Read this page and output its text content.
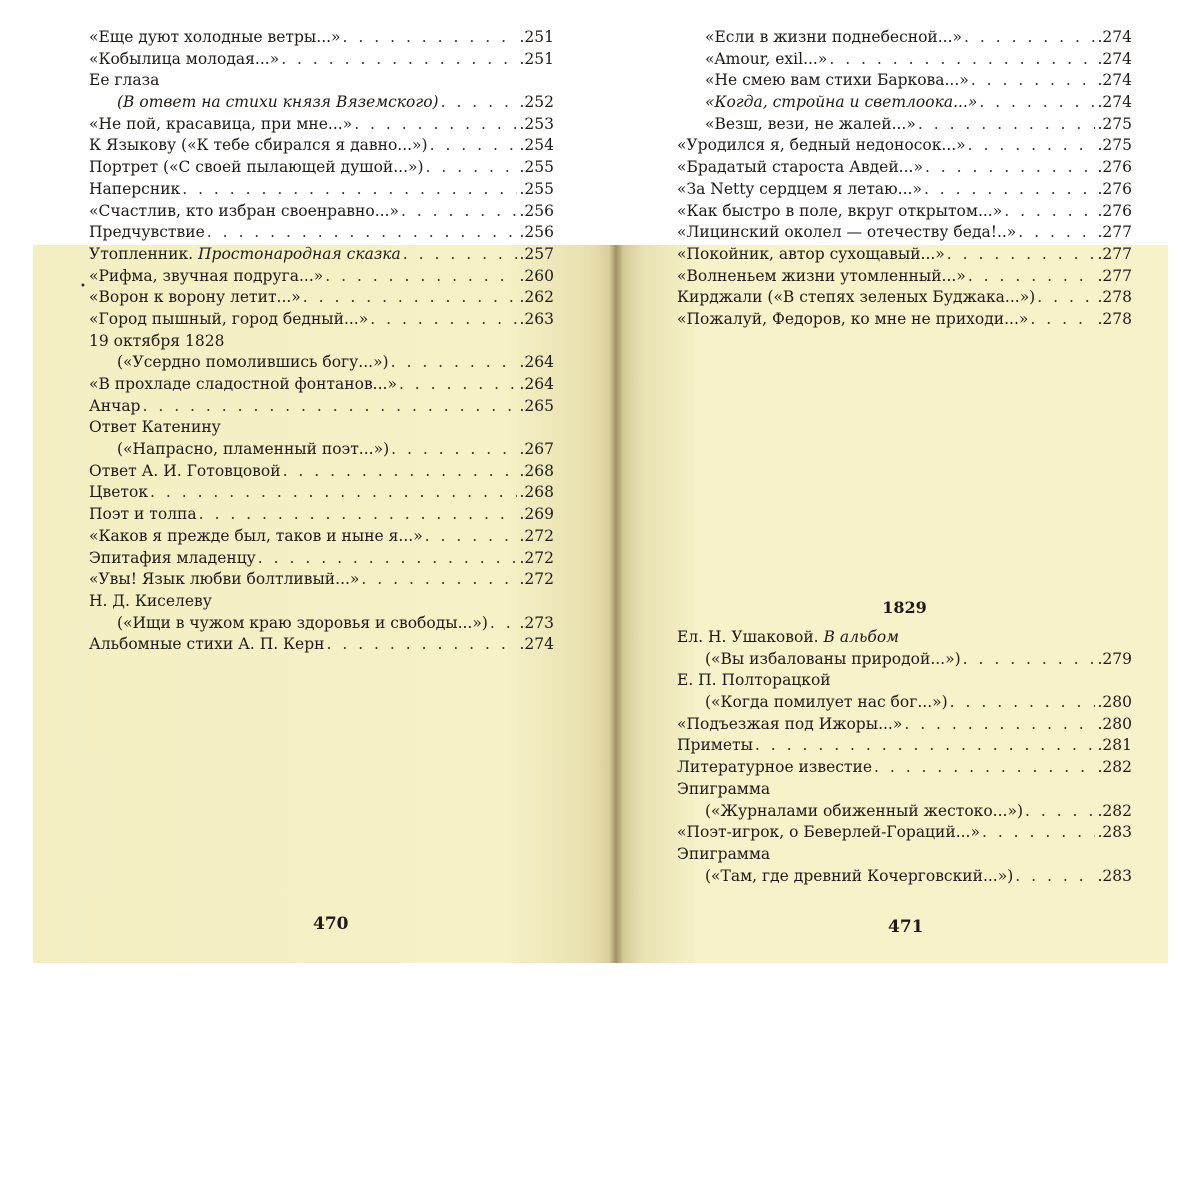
•
«Еще дуют холодные ветры...» . . .	.251
«Кобылица молодая...» . . .	.251
Ее глаза
(В ответ на стихи князя Вяземского) . . .	.252
«Не пой, красавица, при мне...» . . .	.253
К Языкову («К тебе сбирался я давно...») . . .	.254
Портрет («С своей пылающей душой...») . . .	.255
Наперсник . . .	.255
«Счастлив, кто избран своенравно...» . . .	.256
Предчувствие . . .	.256
Утопленник. Простонародная сказка . . .	.257
«Рифма, звучная подруга...» . . .	.260
«Ворон к ворону летит...» . . .	.262
«Город пышный, город бедный...» . . .	.263
19 октября 1828
(«Усердно помолившись богу...») . . .	.264
«В прохладе сладостной фонтанов...» . . .	.264
Анчар . . .	.265
Ответ Катенину
(«Напрасно, пламенный поэт...») . . .	.267
Ответ А. И. Готовцовой . . .	.268
Цветок . . .	.268
Поэт и толпа . . .	.269
«Каков я прежде был, таков и ныне я...» . . .	.272
Эпитафия младенцу . . .	.272
«Увы! Язык любви болтливый...» . . .	.272
Н. Д. Киселеву
(«Ищи в чужом краю здоровья и свободы...») . . . .273
Альбомные стихи А. П. Керн . . .	.274
«Если в жизни поднебесной...» . . .	.274
«Amour, exil...» . . .	.274
«Не смею вам стихи Баркова...» . . .	.274
«Когда, стройна и светлоока...» . . .	.274
«Везш, вези, не жалей...» . . .	.275
«Уродился я, бедный недоносок...» . . .	.275
«Брадатый староста Авдей...» . . .	.276
«За Netty сердцем я летаю...» . . .	.276
«Как быстро в поле, вкруг открытом...» . . .	.276
«Лицинский околел — отечеству беда!..» . . .	.277
«Покойник, автор сухощавый...» . . .	.277
«Волненьем жизни утомленный...» . . .	.277
Кирджали («В степях зеленых Буджака...») . . .	.278
«Пожалуй, Федоров, ко мне не приходи...» . . .	.278
1829
Ел. Н. Ушаковой. В альбом
(«Вы избалованы природой...») . . .	.279
Е. П. Полторацкой
(«Когда помилует нас бог...») . . .	.280
«Подъезжая под Ижоры...» . . .	.280
Приметы . . .	.281
Литературное известие . . .	.282
Эпиграмма
(«Журналами обиженный жестоко...») . . .	.282
«Поэт-игрок, о Беверлей-Гораций...» . . .	.283
Эпиграмма
(«Там, где древний Кочерговский...») . . .	.283
470	471
